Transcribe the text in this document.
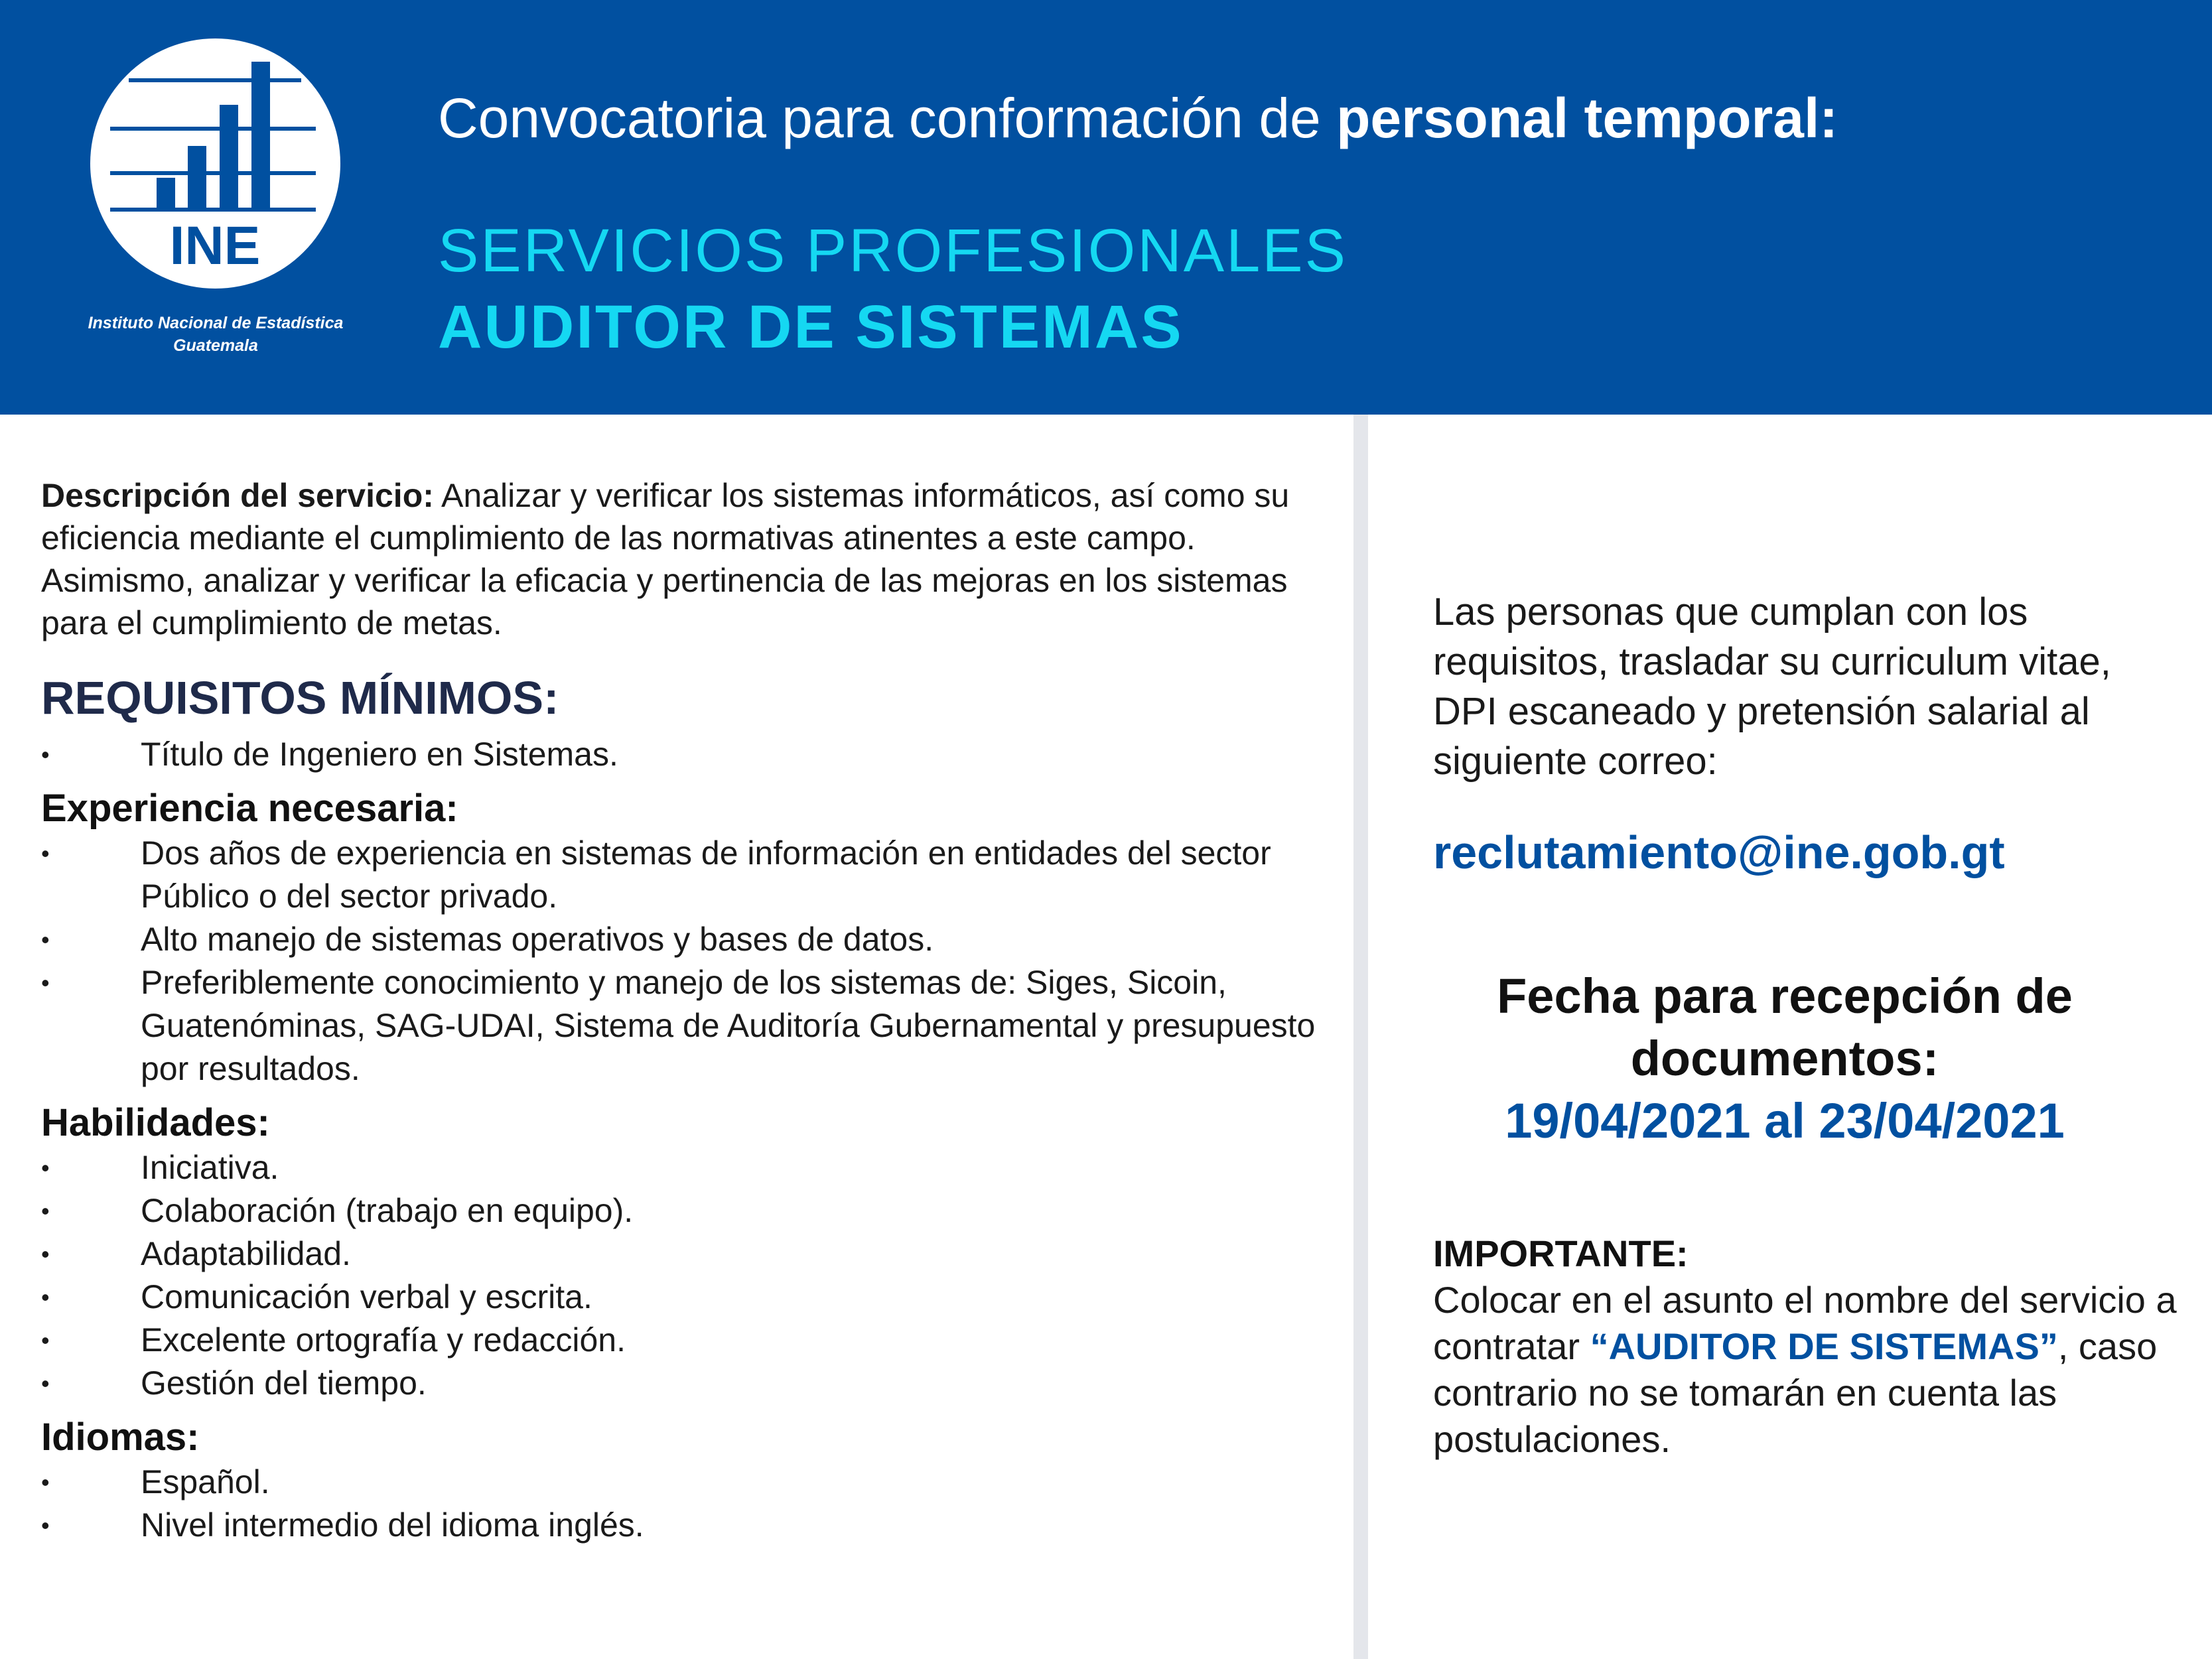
INE
Instituto Nacional de Estadística
Guatemala
Convocatoria para conformación de personal temporal:
SERVICIOS PROFESIONALES
AUDITOR DE SISTEMAS

Descripción del servicio: Analizar y verificar los sistemas informáticos, así como su eficiencia mediante el cumplimiento de las normativas atinentes a este campo. Asimismo, analizar y verificar la eficacia y pertinencia de las mejoras en los sistemas para el cumplimiento de metas.

REQUISITOS MÍNIMOS:
• Título de Ingeniero en Sistemas.
Experiencia necesaria:
• Dos años de experiencia en sistemas de información en entidades del sector Público o del sector privado.
• Alto manejo de sistemas operativos y bases de datos.
• Preferiblemente conocimiento y manejo de los sistemas de: Siges, Sicoin, Guatenóminas, SAG-UDAI, Sistema de Auditoría Gubernamental y presupuesto por resultados.
Habilidades:
• Iniciativa.
• Colaboración (trabajo en equipo).
• Adaptabilidad.
• Comunicación verbal y escrita.
• Excelente ortografía y redacción.
• Gestión del tiempo.
Idiomas:
• Español.
• Nivel intermedio del idioma inglés.

Las personas que cumplan con los requisitos, trasladar su curriculum vitae, DPI escaneado y pretensión salarial al siguiente correo:

reclutamiento@ine.gob.gt

Fecha para recepción de documentos:

19/04/2021 al 23/04/2021

IMPORTANTE:

Colocar en el asunto el nombre del servicio a contratar “AUDITOR DE SISTEMAS”, caso contrario no se tomarán en cuenta las postulaciones.
